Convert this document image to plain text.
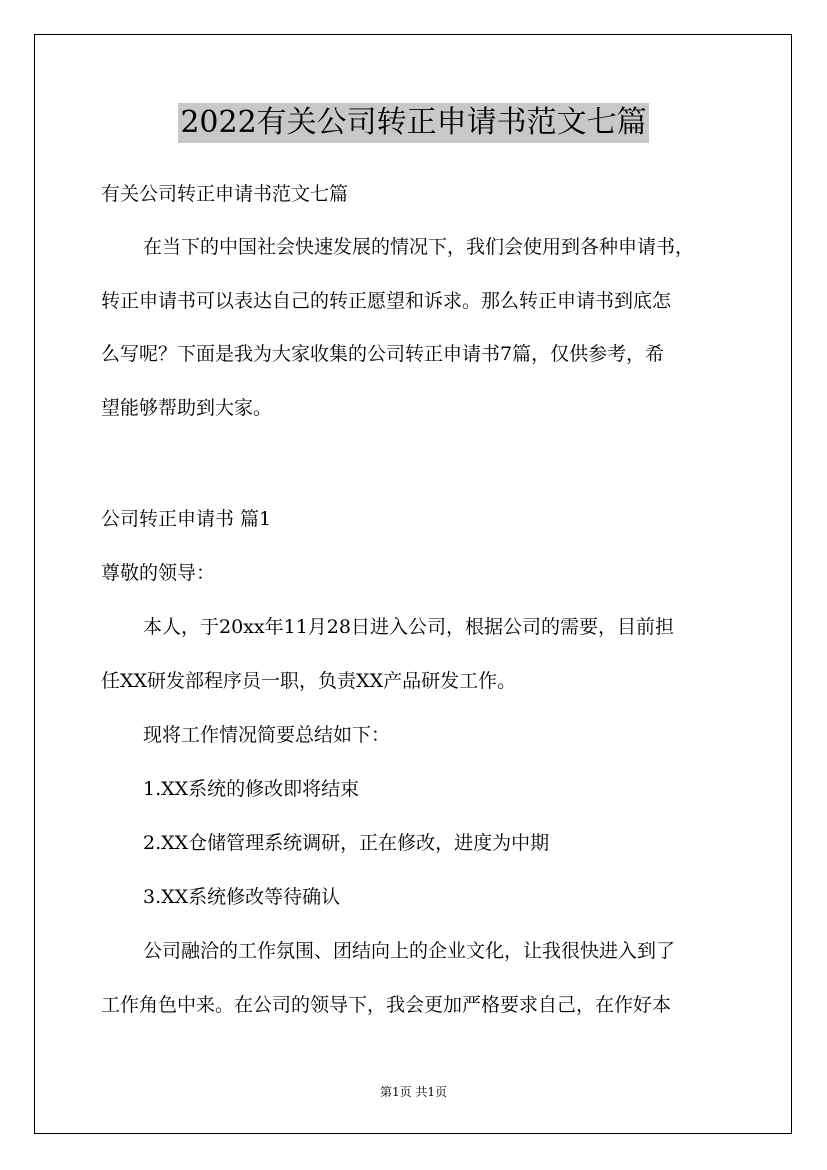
2022有关公司转正申请书范文七篇
有关公司转正申请书范文七篇
在当下的中国社会快速发展的情况下，我们会使用到各种申请书，
转正申请书可以表达自己的转正愿望和诉求。那么转正申请书到底怎
么写呢？下面是我为大家收集的公司转正申请书7篇，仅供参考，希
望能够帮助到大家。
公司转正申请书 篇1
尊敬的领导：
本人，于20xx年11月28日进入公司，根据公司的需要，目前担
任XX研发部程序员一职，负责XX产品研发工作。
现将工作情况简要总结如下：
1.XX系统的修改即将结束
2.XX仓储管理系统调研，正在修改，进度为中期
3.XX系统修改等待确认
公司融洽的工作氛围、团结向上的企业文化，让我很快进入到了
工作角色中来。在公司的领导下，我会更加严格要求自己，在作好本
第1页 共1页
